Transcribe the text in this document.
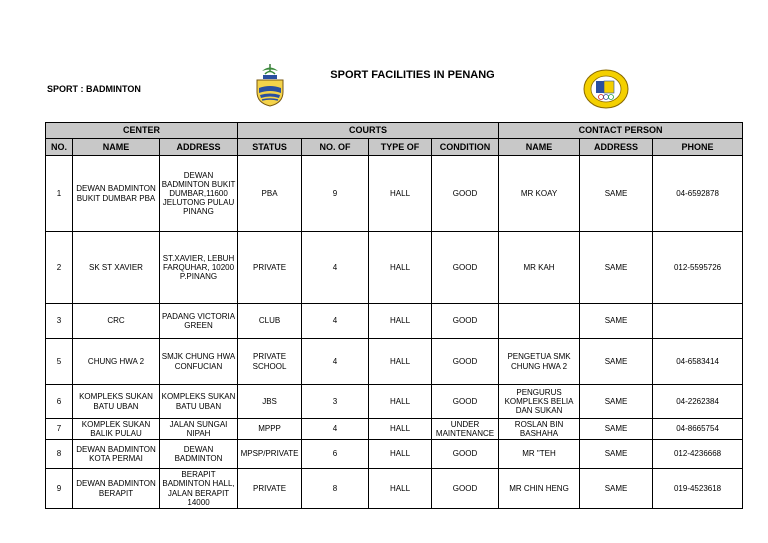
SPORT : BADMINTON
SPORT FACILITIES IN PENANG
CENTER			COURTS				CONTACT PERSON		
NO.	NAME	ADDRESS	STATUS	NO. OF	TYPE OF	CONDITION	NAME	ADDRESS	PHONE
1	DEWAN BADMINTON BUKIT DUMBAR PBA	DEWAN BADMINTON BUKIT DUMBAR,11600 JELUTONG PULAU PINANG	PBA	9	HALL	GOOD	MR KOAY	SAME	04-6592878
2	SK ST XAVIER	ST.XAVIER, LEBUH FARQUHAR, 10200 P.PINANG	PRIVATE	4	HALL	GOOD	MR KAH	SAME	012-5595726
3	CRC	PADANG VICTORIA GREEN	CLUB	4	HALL	GOOD		SAME	
5	CHUNG HWA 2	SMJK CHUNG HWA CONFUCIAN	PRIVATE SCHOOL	4	HALL	GOOD	PENGETUA SMK CHUNG HWA 2	SAME	04-6583414
6	KOMPLEKS SUKAN BATU UBAN	KOMPLEKS SUKAN BATU UBAN	JBS	3	HALL	GOOD	PENGURUS KOMPLEKS BELIA DAN SUKAN	SAME	04-2262384
7	KOMPLEK SUKAN BALIK PULAU	JALAN SUNGAI NIPAH	MPPP	4	HALL	UNDER MAINTENANCE	ROSLAN BIN BASHAHA	SAME	04-8665754
8	DEWAN BADMINTON KOTA PERMAI	DEWAN BADMINTON	MPSP/PRIVATE	6	HALL	GOOD	MR "TEH	SAME	012-4236668
9	DEWAN BADMINTON BERAPIT	BERAPIT BADMINTON HALL, JALAN BERAPIT 14000	PRIVATE	8	HALL	GOOD	MR CHIN HENG	SAME	019-4523618
